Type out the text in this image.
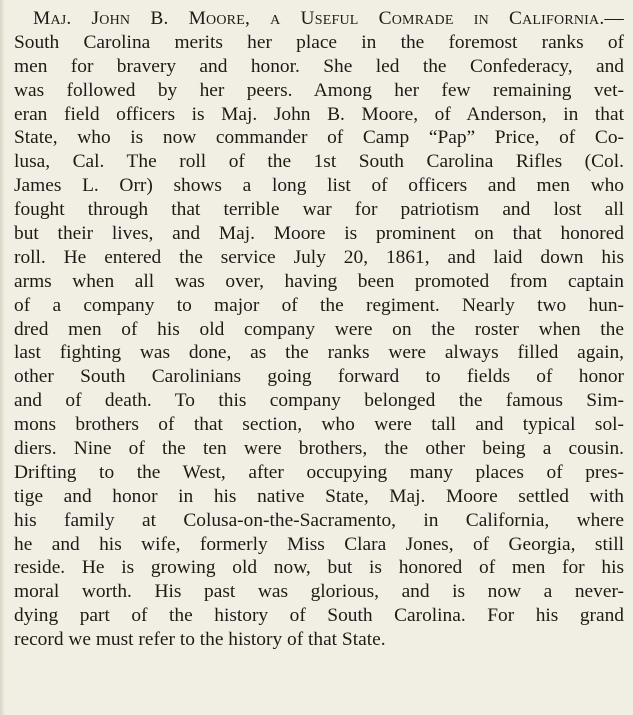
Maj. John B. Moore, a Useful Comrade in California.—
South Carolina merits her place in the foremost ranks of
men for bravery and honor. She led the Confederacy, and
was followed by her peers. Among her few remaining vet-
eran field officers is Maj. John B. Moore, of Anderson, in that
State, who is now commander of Camp “Pap” Price, of Co-
lusa, Cal. The roll of the 1st South Carolina Rifles (Col.
James L. Orr) shows a long list of officers and men who
fought through that terrible war for patriotism and lost all
but their lives, and Maj. Moore is prominent on that honored
roll. He entered the service July 20, 1861, and laid down his
arms when all was over, having been promoted from captain
of a company to major of the regiment. Nearly two hun-
dred men of his old company were on the roster when the
last fighting was done, as the ranks were always filled again,
other South Carolinians going forward to fields of honor
and of death. To this company belonged the famous Sim-
mons brothers of that section, who were tall and typical sol-
diers. Nine of the ten were brothers, the other being a cousin.
Drifting to the West, after occupying many places of pres-
tige and honor in his native State, Maj. Moore settled with
his family at Colusa-on-the-Sacramento, in California, where
he and his wife, formerly Miss Clara Jones, of Georgia, still
reside. He is growing old now, but is honored of men for his
moral worth. His past was glorious, and is now a never-
dying part of the history of South Carolina. For his grand
record we must refer to the history of that State.
